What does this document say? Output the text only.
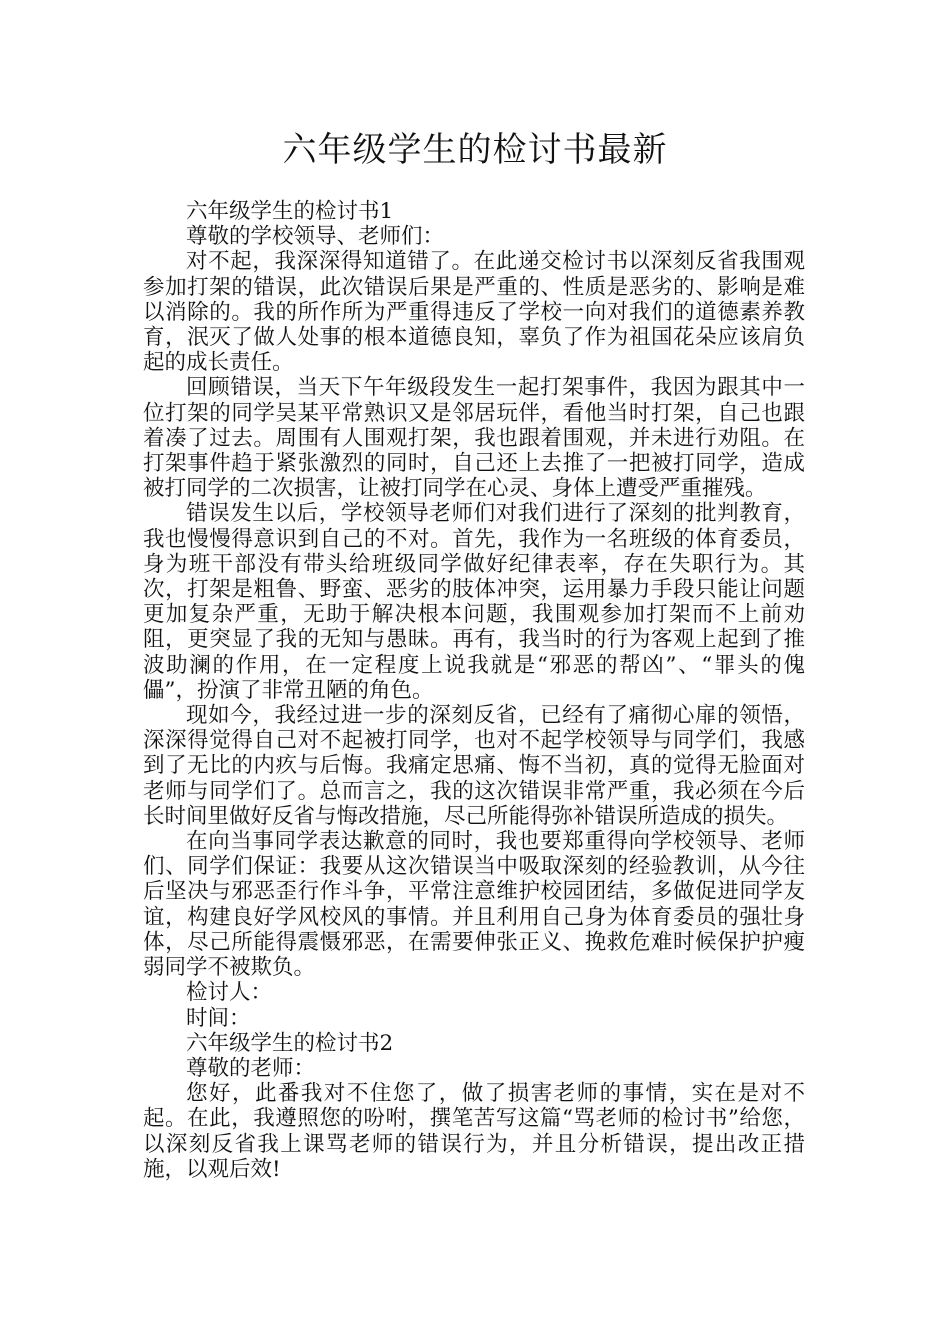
六年级学生的检讨书最新

六年级学生的检讨书1

尊敬的学校领导、老师们：

对不起，我深深得知道错了。在此递交检讨书以深刻反省我围观参加打架的错误，此次错误后果是严重的、性质是恶劣的、影响是难以消除的。我的所作所为严重得违反了学校一向对我们的道德素养教育，泯灭了做人处事的根本道德良知，辜负了作为祖国花朵应该肩负起的成长责任。

回顾错误，当天下午年级段发生一起打架事件，我因为跟其中一位打架的同学吴某平常熟识又是邻居玩伴，看他当时打架，自己也跟着凑了过去。周围有人围观打架，我也跟着围观，并未进行劝阻。在打架事件趋于紧张激烈的同时，自己还上去推了一把被打同学，造成被打同学的二次损害，让被打同学在心灵、身体上遭受严重摧残。

错误发生以后，学校领导老师们对我们进行了深刻的批判教育，我也慢慢得意识到自己的不对。首先，我作为一名班级的体育委员，身为班干部没有带头给班级同学做好纪律表率，存在失职行为。其次，打架是粗鲁、野蛮、恶劣的肢体冲突，运用暴力手段只能让问题更加复杂严重，无助于解决根本问题，我围观参加打架而不上前劝阻，更突显了我的无知与愚昧。再有，我当时的行为客观上起到了推波助澜的作用，在一定程度上说我就是“邪恶的帮凶”、“罪头的傀儡”，扮演了非常丑陋的角色。

现如今，我经过进一步的深刻反省，已经有了痛彻心扉的领悟，深深得觉得自己对不起被打同学，也对不起学校领导与同学们，我感到了无比的内疚与后悔。我痛定思痛、悔不当初，真的觉得无脸面对老师与同学们了。总而言之，我的这次错误非常严重，我必须在今后长时间里做好反省与悔改措施，尽己所能得弥补错误所造成的损失。

在向当事同学表达歉意的同时，我也要郑重得向学校领导、老师们、同学们保证：我要从这次错误当中吸取深刻的经验教训，从今往后坚决与邪恶歪行作斗争，平常注意维护校园团结，多做促进同学友谊，构建良好学风校风的事情。并且利用自己身为体育委员的强壮身体，尽己所能得震慑邪恶，在需要伸张正义、挽救危难时候保护护瘦弱同学不被欺负。

检讨人：

时间：

六年级学生的检讨书2

尊敬的老师：

您好，此番我对不住您了，做了损害老师的事情，实在是对不起。在此，我遵照您的吩咐，撰笔苦写这篇“骂老师的检讨书”给您，以深刻反省我上课骂老师的错误行为，并且分析错误，提出改正措施，以观后效!
